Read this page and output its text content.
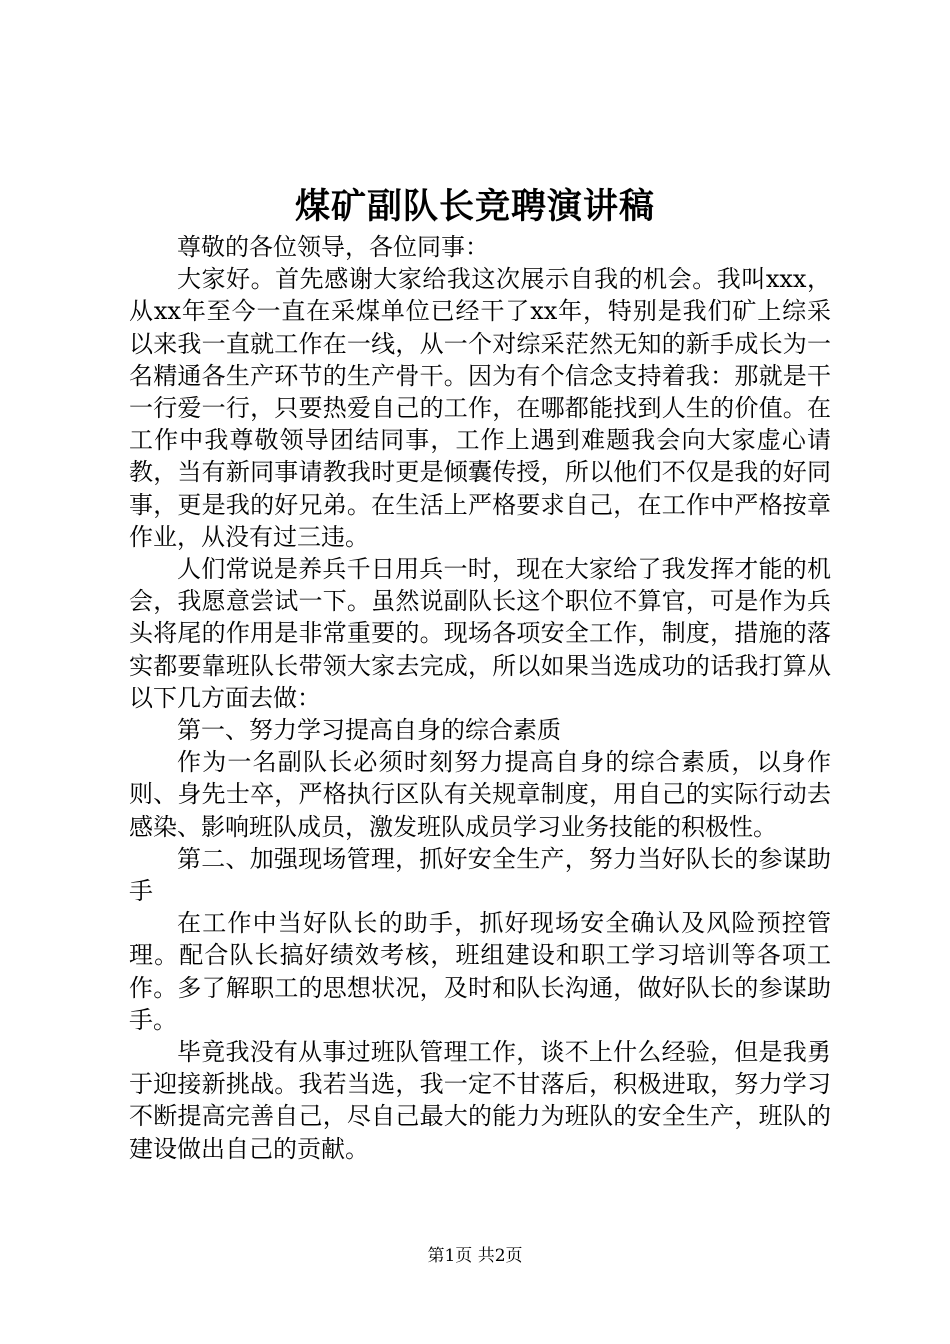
煤矿副队长竞聘演讲稿

尊敬的各位领导，各位同事：

大家好。首先感谢大家给我这次展示自我的机会。我叫xxx，从xx年至今一直在采煤单位已经干了xx年，特别是我们矿上综采以来我一直就工作在一线，从一个对综采茫然无知的新手成长为一名精通各生产环节的生产骨干。因为有个信念支持着我：那就是干一行爱一行，只要热爱自己的工作，在哪都能找到人生的价值。在工作中我尊敬领导团结同事，工作上遇到难题我会向大家虚心请教，当有新同事请教我时更是倾囊传授，所以他们不仅是我的好同事，更是我的好兄弟。在生活上严格要求自己，在工作中严格按章作业，从没有过三违。

人们常说是养兵千日用兵一时，现在大家给了我发挥才能的机会，我愿意尝试一下。虽然说副队长这个职位不算官，可是作为兵头将尾的作用是非常重要的。现场各项安全工作，制度，措施的落实都要靠班队长带领大家去完成，所以如果当选成功的话我打算从以下几方面去做：

第一、努力学习提高自身的综合素质

作为一名副队长必须时刻努力提高自身的综合素质，以身作则、身先士卒，严格执行区队有关规章制度，用自己的实际行动去感染、影响班队成员，激发班队成员学习业务技能的积极性。

第二、加强现场管理，抓好安全生产，努力当好队长的参谋助手

在工作中当好队长的助手，抓好现场安全确认及风险预控管理。配合队长搞好绩效考核，班组建设和职工学习培训等各项工作。多了解职工的思想状况，及时和队长沟通，做好队长的参谋助手。

毕竟我没有从事过班队管理工作，谈不上什么经验，但是我勇于迎接新挑战。我若当选，我一定不甘落后，积极进取，努力学习不断提高完善自己，尽自己最大的能力为班队的安全生产，班队的建设做出自己的贡献。

第1页 共2页
